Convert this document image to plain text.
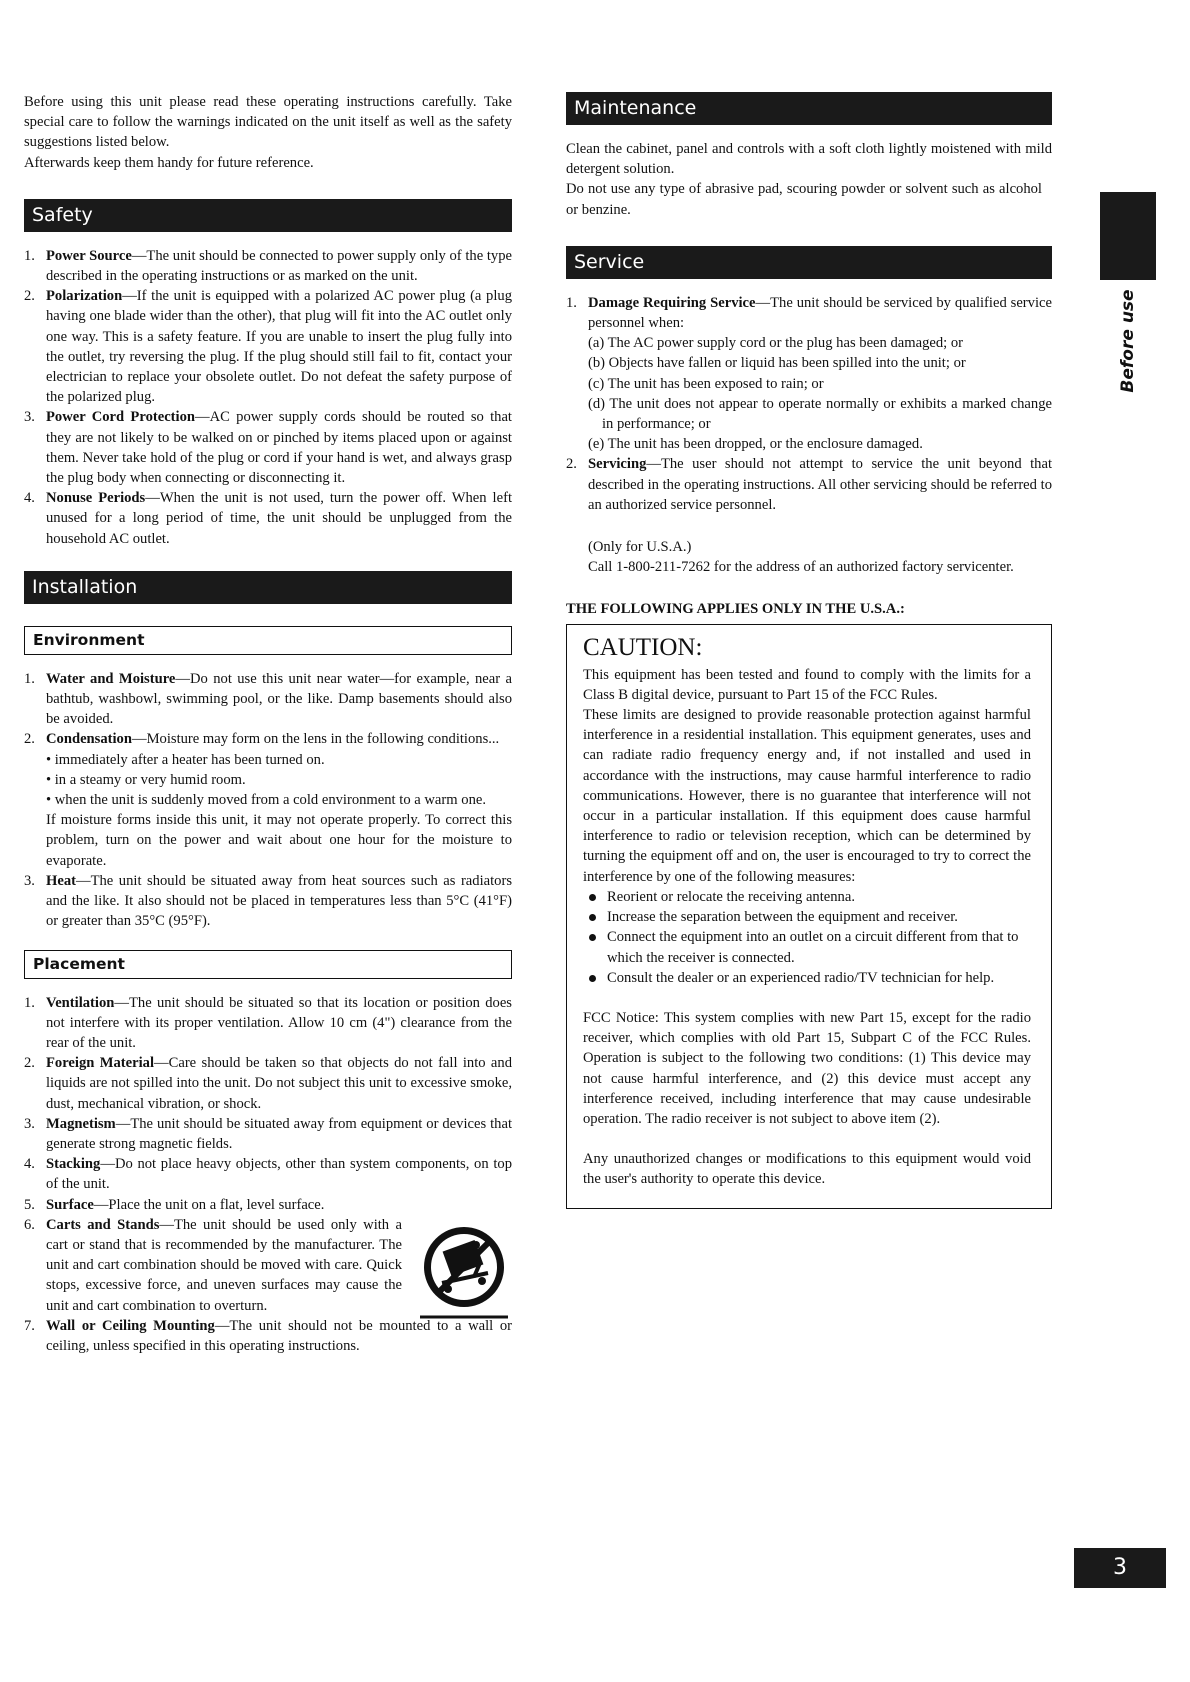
Before using this unit please read these operating instructions carefully. Take special care to follow the warnings indicated on the unit itself as well as the safety suggestions listed below.

Afterwards keep them handy for future reference.

Safety
1. Power Source—The unit should be connected to power supply only of the type described in the operating instructions or as marked on the unit.
2. Polarization—If the unit is equipped with a polarized AC power plug (a plug having one blade wider than the other), that plug will fit into the AC outlet only one way. This is a safety feature. If you are unable to insert the plug fully into the outlet, try reversing the plug. If the plug should still fail to fit, contact your electrician to replace your obsolete outlet. Do not defeat the safety purpose of the polarized plug.
3. Power Cord Protection—AC power supply cords should be routed so that they are not likely to be walked on or pinched by items placed upon or against them. Never take hold of the plug or cord if your hand is wet, and always grasp the plug body when connecting or disconnecting it.
4. Nonuse Periods—When the unit is not used, turn the power off. When left unused for a long period of time, the unit should be unplugged from the household AC outlet.
Installation
Environment
1. Water and Moisture—Do not use this unit near water—for example, near a bathtub, washbowl, swimming pool, or the like. Damp basements should also be avoided.
2. Condensation—Moisture may form on the lens in the following conditions...
• immediately after a heater has been turned on.
• in a steamy or very humid room.
• when the unit is suddenly moved from a cold environment to a warm one.
If moisture forms inside this unit, it may not operate properly. To correct this problem, turn on the power and wait about one hour for the moisture to evaporate.
3. Heat—The unit should be situated away from heat sources such as radiators and the like. It also should not be placed in temperatures less than 5°C (41°F) or greater than 35°C (95°F).
Placement
1. Ventilation—The unit should be situated so that its location or position does not interfere with its proper ventilation. Allow 10 cm (4") clearance from the rear of the unit.
2. Foreign Material—Care should be taken so that objects do not fall into and liquids are not spilled into the unit. Do not subject this unit to excessive smoke, dust, mechanical vibration, or shock.
3. Magnetism—The unit should be situated away from equipment or devices that generate strong magnetic fields.
4. Stacking—Do not place heavy objects, other than system components, on top of the unit.
5. Surface—Place the unit on a flat, level surface.
6. Carts and Stands—The unit should be used only with a cart or stand that is recommended by the manufacturer. The unit and cart combination should be moved with care. Quick stops, excessive force, and uneven surfaces may cause the unit and cart combination to overturn.
7. Wall or Ceiling Mounting—The unit should not be mounted to a wall or ceiling, unless specified in this operating instructions.
Maintenance

Clean the cabinet, panel and controls with a soft cloth lightly moistened with mild detergent solution.

Do not use any type of abrasive pad, scouring powder or solvent such as alcohol or benzine.

Service
1. Damage Requiring Service—The unit should be serviced by qualified service personnel when:
(a) The AC power supply cord or the plug has been damaged; or
(b) Objects have fallen or liquid has been spilled into the unit; or
(c) The unit has been exposed to rain; or
(d) The unit does not appear to operate normally or exhibits a marked change in performance; or
(e) The unit has been dropped, or the enclosure damaged.
2. Servicing—The user should not attempt to service the unit beyond that described in the operating instructions. All other servicing should be referred to an authorized service personnel.
(Only for U.S.A.)

Call 1-800-211-7262 for the address of an authorized factory servicenter.

THE FOLLOWING APPLIES ONLY IN THE U.S.A.:
CAUTION:

This equipment has been tested and found to comply with the limits for a Class B digital device, pursuant to Part 15 of the FCC Rules.

These limits are designed to provide reasonable protection against harmful interference in a residential installation. This equipment generates, uses and can radiate radio frequency energy and, if not installed and used in accordance with the instructions, may cause harmful interference to radio communications. However, there is no guarantee that interference will not occur in a particular installation. If this equipment does cause harmful interference to radio or television reception, which can be determined by turning the equipment off and on, the user is encouraged to try to correct the interference by one of the following measures:

Reorient or relocate the receiving antenna.
Increase the separation between the equipment and receiver.
Connect the equipment into an outlet on a circuit different from that to which the receiver is connected.
Consult the dealer or an experienced radio/TV technician for help.

FCC Notice: This system complies with new Part 15, except for the radio receiver, which complies with old Part 15, Subpart C of the FCC Rules. Operation is subject to the following two conditions: (1) This device may not cause harmful interference, and (2) this device must accept any interference received, including interference that may cause undesirable operation. The radio receiver is not subject to above item (2).

Any unauthorized changes or modifications to this equipment would void the user's authority to operate this device.

Before use
3
